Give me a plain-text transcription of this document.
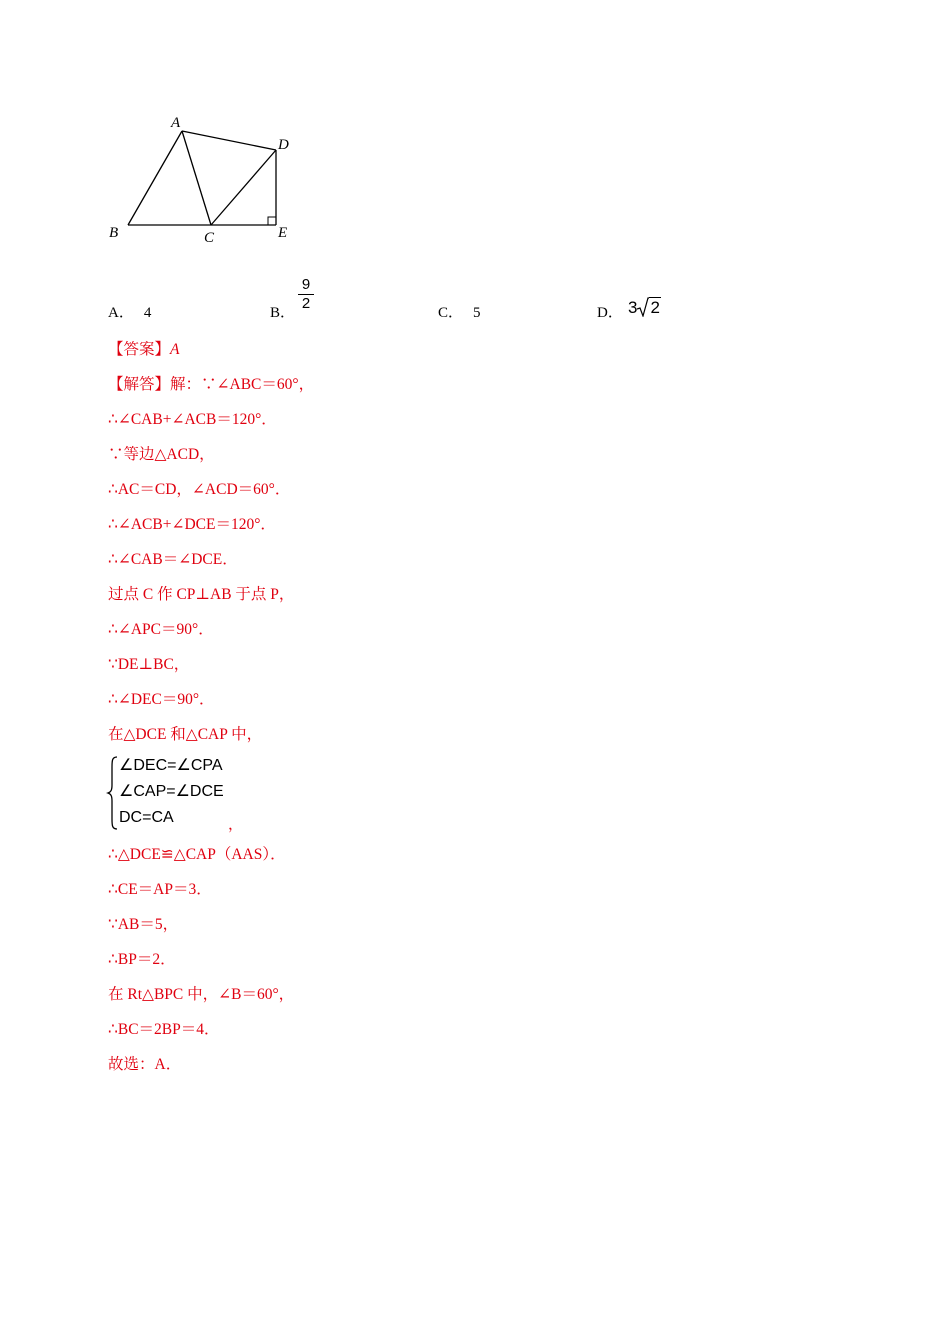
A
B	C
D
E
A． 4	B．
9
2
C． 5	D． 3 2
【答案】A
【解答】解：∵∠ABC＝60°，
∴∠CAB+∠ACB＝120°．
∵等边△ACD，
∴AC＝CD，∠ACD＝60°．
∴∠ACB+∠DCE＝120°．
∴∠CAB＝∠DCE．
过点 C 作 CP⊥AB 于点 P，
∴∠APC＝90°．
∵DE⊥BC，
∴∠DEC＝90°．
在△DCE 和△CAP 中，
∠DEC=∠CPA
∠CAP=∠DCE
DC=CA	，
∴△DCE≌△CAP（AAS）．
∴CE＝AP＝3．
∵AB＝5，
∴BP＝2．
在 Rt△BPC 中，∠B＝60°，
∴BC＝2BP＝4．
故选：A．
